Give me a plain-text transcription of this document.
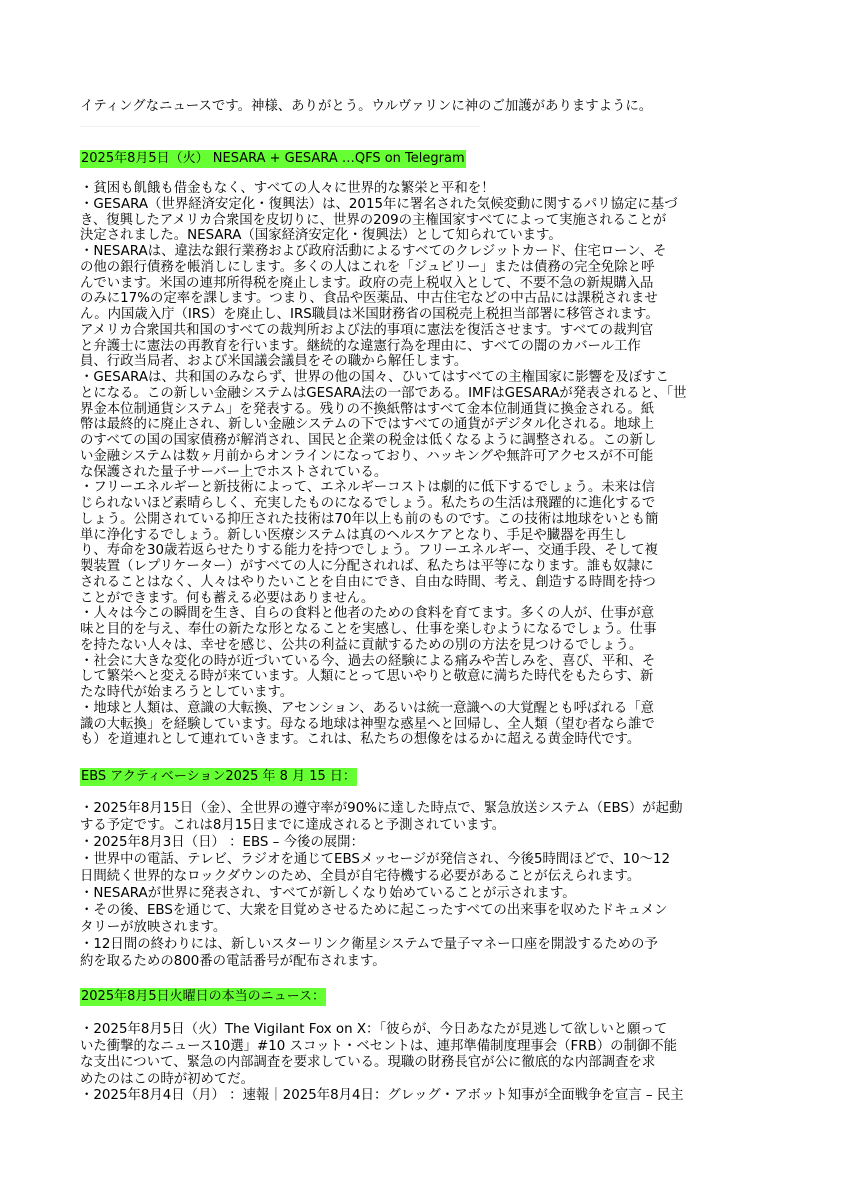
イティングなニュースです。神様、ありがとう。ウルヴァリンに神のご加護がありますように。
2025年8月5日（火） NESARA + GESARA …QFS on Telegram
・貧困も飢餓も借金もなく、すべての人々に世界的な繁栄と平和を！
・GESARA（世界経済安定化・復興法）は、2015年に署名された気候変動に関するパリ協定に基づ
き、復興したアメリカ合衆国を皮切りに、世界の209の主権国家すべてによって実施されることが
決定されました。NESARA（国家経済安定化・復興法）として知られています。
・NESARAは、違法な銀行業務および政府活動によるすべてのクレジットカード、住宅ローン、そ
の他の銀行債務を帳消しにします。多くの人はこれを「ジュビリー」または債務の完全免除と呼
んでいます。米国の連邦所得税を廃止します。政府の売上税収入として、不要不急の新規購入品
のみに17%の定率を課します。つまり、食品や医薬品、中古住宅などの中古品には課税されませ
ん。内国歳入庁（IRS）を廃止し、IRS職員は米国財務省の国税売上税担当部署に移管されます。
アメリカ合衆国共和国のすべての裁判所および法的事項に憲法を復活させます。すべての裁判官
と弁護士に憲法の再教育を行います。継続的な違憲行為を理由に、すべての闇のカバール工作
員、行政当局者、および米国議会議員をその職から解任します。
・GESARAは、共和国のみならず、世界の他の国々、ひいてはすべての主権国家に影響を及ぼすこ
とになる。この新しい金融システムはGESARA法の一部である。IMFはGESARAが発表されると、「世
界金本位制通貨システム」を発表する。残りの不換紙幣はすべて金本位制通貨に換金される。紙
幣は最終的に廃止され、新しい金融システムの下ではすべての通貨がデジタル化される。地球上
のすべての国の国家債務が解消され、国民と企業の税金は低くなるように調整される。この新し
い金融システムは数ヶ月前からオンラインになっており、ハッキングや無許可アクセスが不可能
な保護された量子サーバー上でホストされている。
・フリーエネルギーと新技術によって、エネルギーコストは劇的に低下するでしょう。未来は信
じられないほど素晴らしく、充実したものになるでしょう。私たちの生活は飛躍的に進化するで
しょう。公開されている抑圧された技術は70年以上も前のものです。この技術は地球をいとも簡
単に浄化するでしょう。新しい医療システムは真のヘルスケアとなり、手足や臓器を再生し
り、寿命を30歳若返らせたりする能力を持つでしょう。フリーエネルギー、交通手段、そして複
製装置（レプリケーター）がすべての人に分配されれば、私たちは平等になります。誰も奴隷に
されることはなく、人々はやりたいことを自由にでき、自由な時間、考え、創造する時間を持つ
ことができます。何も蓄える必要はありません。
・人々は今この瞬間を生き、自らの食料と他者のための食料を育てます。多くの人が、仕事が意
味と目的を与え、奉仕の新たな形となることを実感し、仕事を楽しむようになるでしょう。仕事
を持たない人々は、幸せを感じ、公共の利益に貢献するための別の方法を見つけるでしょう。
・社会に大きな変化の時が近づいている今、過去の経験による痛みや苦しみを、喜び、平和、そ
して繁栄へと変える時が来ています。人類にとって思いやりと敬意に満ちた時代をもたらす、新
たな時代が始まろうとしています。
・地球と人類は、意識の大転換、アセンション、あるいは統一意識への大覚醒とも呼ばれる「意
識の大転換」を経験しています。母なる地球は神聖な惑星へと回帰し、全人類（望む者なら誰で
も）を道連れとして連れていきます。これは、私たちの想像をはるかに超える黄金時代です。
EBS アクティベーション2025 年 8 月 15 日：
・2025年8月15日（金）、全世界の遵守率が90%に達した時点で、緊急放送システム（EBS）が起動
する予定です。これは8月15日までに達成されると予測されています。
・2025年8月3日（日） ：EBS – 今後の展開：
・世界中の電話、テレビ、ラジオを通じてEBSメッセージが発信され、今後5時間ほどで、10～12
日間続く世界的なロックダウンのため、全員が自宅待機する必要があることが伝えられます。
・NESARAが世界に発表され、すべてが新しくなり始めていることが示されます。
・その後、EBSを通じて、大衆を目覚めさせるために起こったすべての出来事を収めたドキュメン
タリーが放映されます。
・12日間の終わりには、新しいスターリンク衛星システムで量子マネー口座を開設するための予
約を取るための800番の電話番号が配布されます。
2025年8月5日火曜日の本当のニュース：
・2025年8月5日（火）The Vigilant Fox on X：「彼らが、今日あなたが見逃して欲しいと願って
いた衝撃的なニュース10選」#10 スコット・ベセントは、連邦準備制度理事会（FRB）の制御不能
な支出について、緊急の内部調査を要求している。現職の財務長官が公に徹底的な内部調査を求
めたのはこの時が初めてだ。
・2025年8月4日（月） ：速報｜2025年8月4日：グレッグ・アボット知事が全面戦争を宣言 – 民主
